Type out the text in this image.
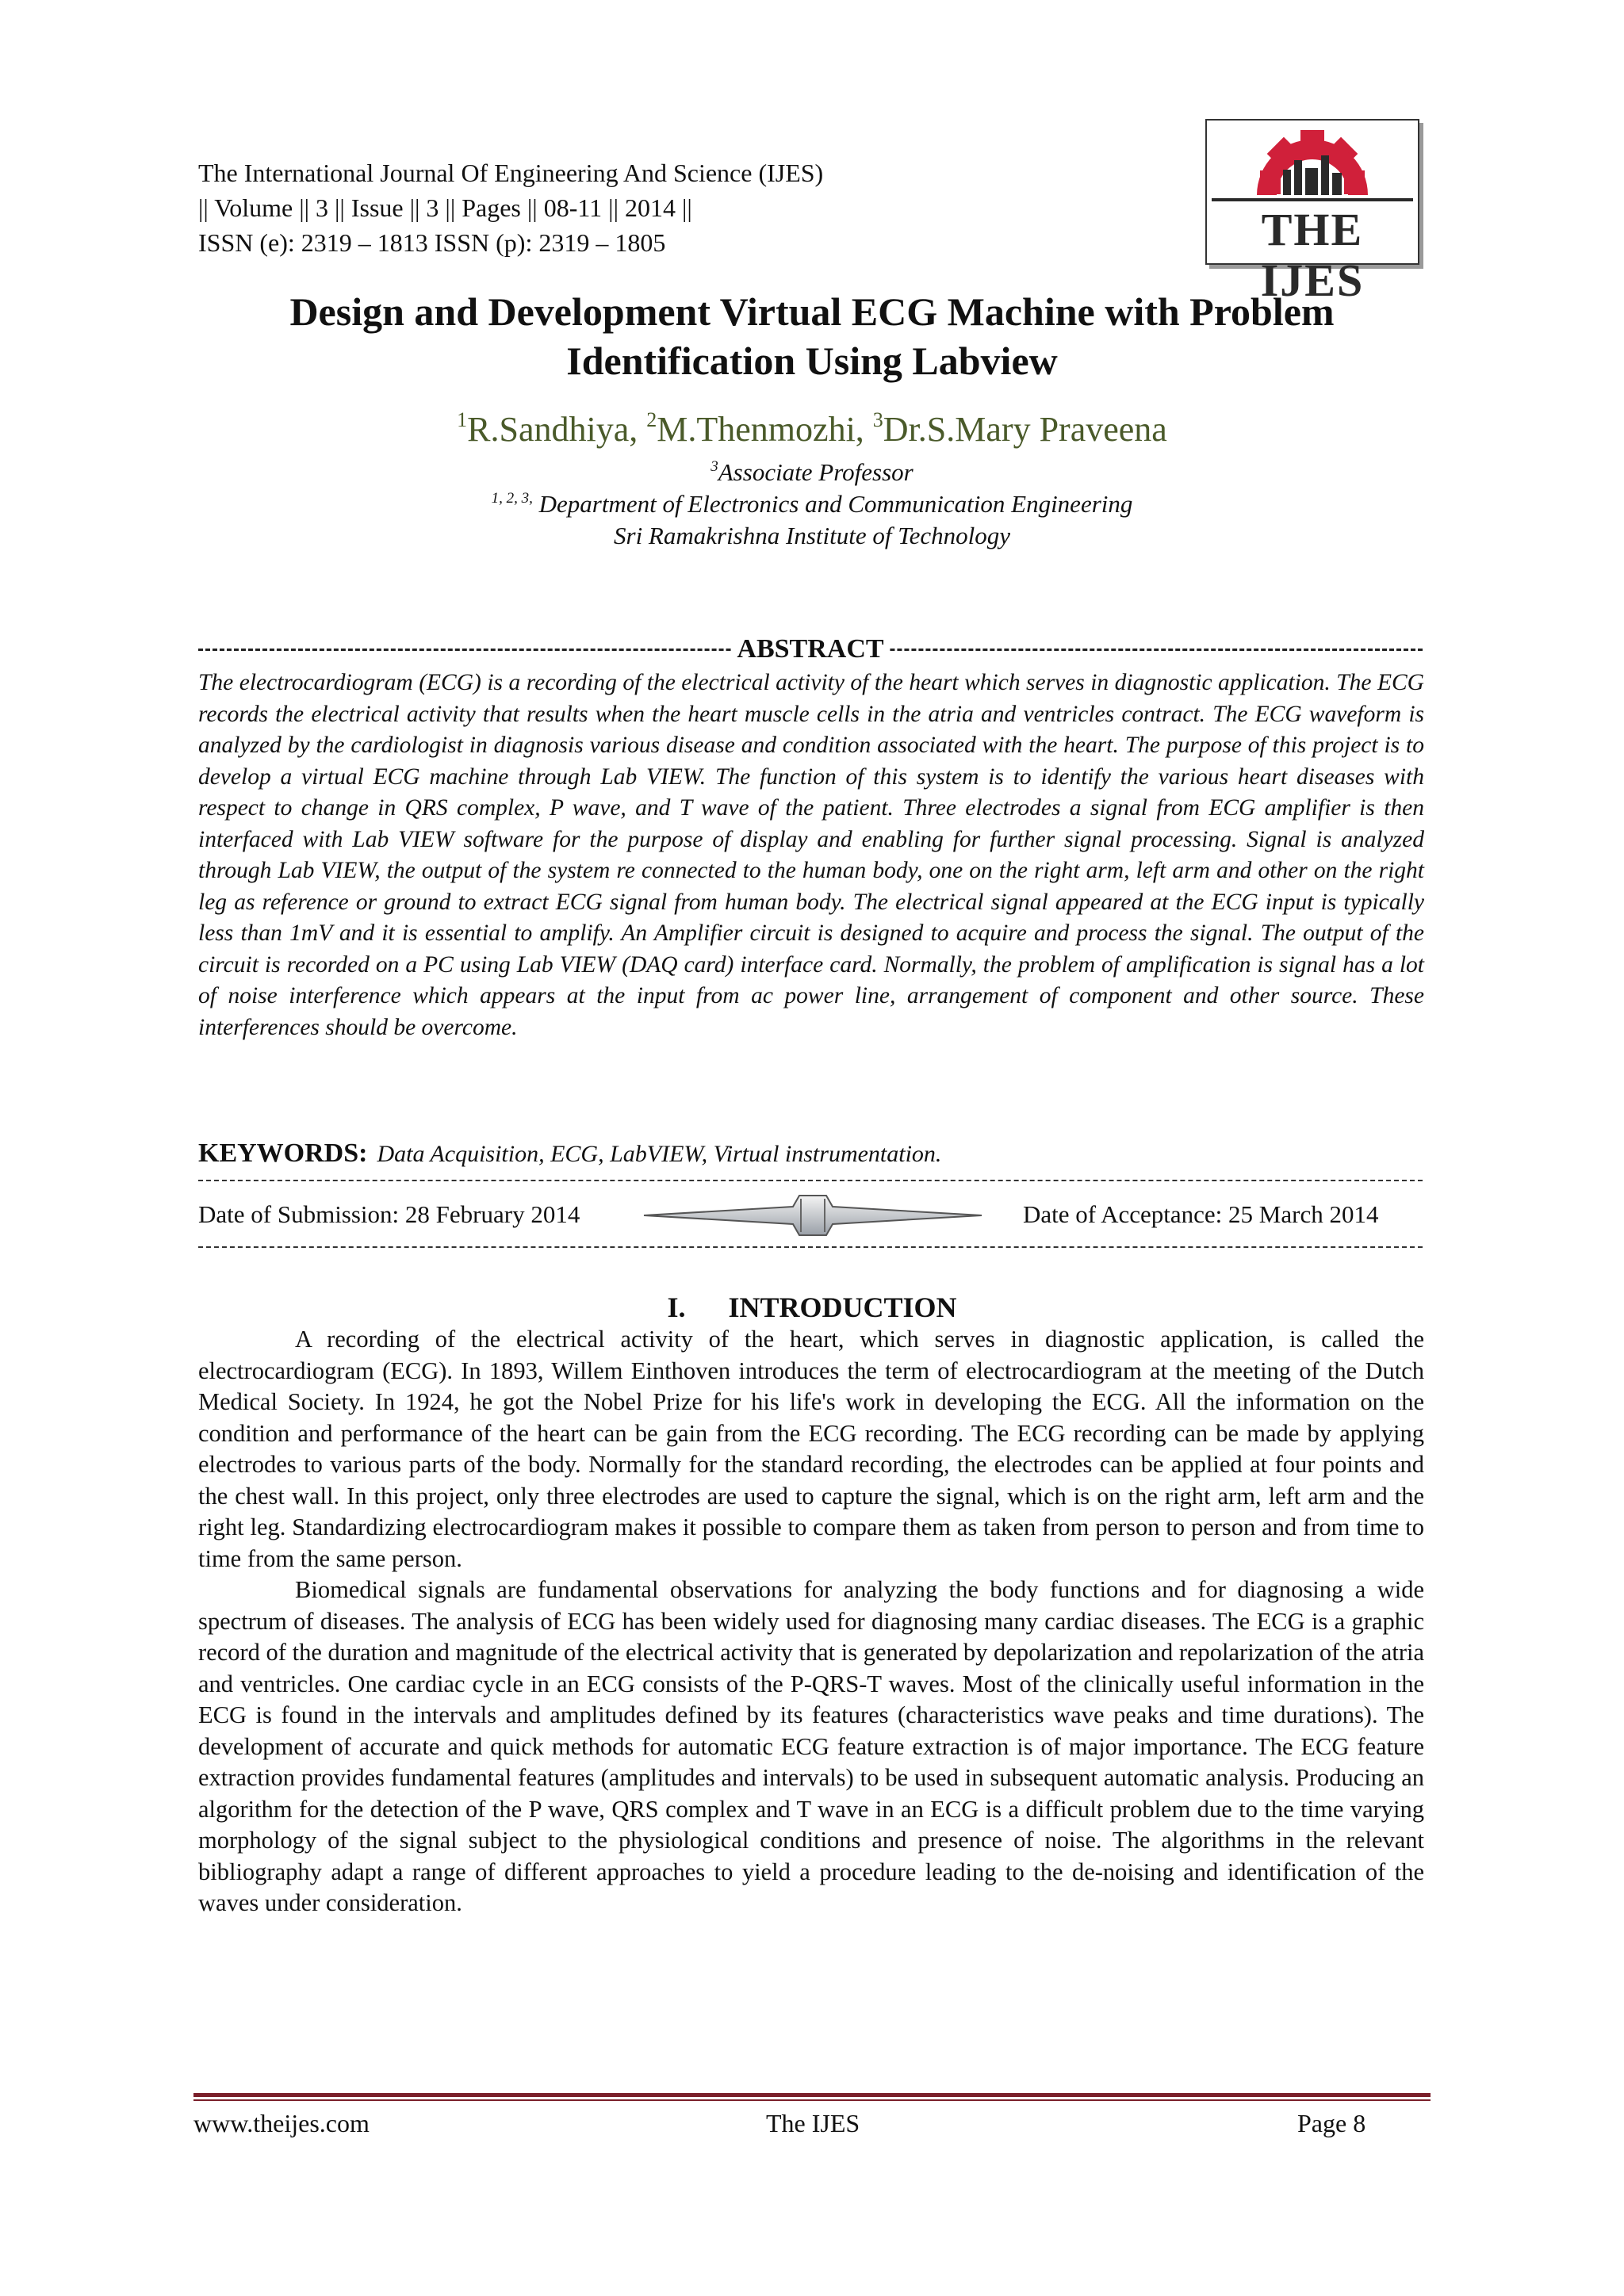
The International Journal Of Engineering And Science (IJES)
|| Volume || 3 || Issue || 3 || Pages || 08-11 || 2014 ||
ISSN (e): 2319 – 1813 ISSN (p): 2319 – 1805	THE IJES
Design and Development Virtual ECG Machine with Problem
Identification Using Labview
$^1$R.Sandhiya, $^2$M.Thenmozhi, $^3$Dr.S.Mary Praveena
$^3$Associate Professor
$^{1, 2, 3,}$ Department of Electronics and Communication Engineering
Sri Ramakrishna Institute of Technology
ABSTRACT

The electrocardiogram (ECG) is a recording of the electrical activity of the heart which serves in diagnostic application. The ECG records the electrical activity that results when the heart muscle cells in the atria and ventricles contract. The ECG waveform is analyzed by the cardiologist in diagnosis various disease and condition associated with the heart. The purpose of this project is to develop a virtual ECG machine through Lab VIEW. The function of this system is to identify the various heart diseases with respect to change in QRS complex, P wave, and T wave of the patient. Three electrodes a signal from ECG amplifier is then interfaced with Lab VIEW software for the purpose of display and enabling for further signal processing. Signal is analyzed through Lab VIEW, the output of the system re connected to the human body, one on the right arm, left arm and other on the right leg as reference or ground to extract ECG signal from human body. The electrical signal appeared at the ECG input is typically less than 1mV and it is essential to amplify. An Amplifier circuit is designed to acquire and process the signal. The output of the circuit is recorded on a PC using Lab VIEW (DAQ card) interface card. Normally, the problem of amplification is signal has a lot of noise interference which appears at the input from ac power line, arrangement of component and other source. These interferences should be overcome.

KEYWORDS: Data Acquisition, ECG, LabVIEW, Virtual instrumentation.
Date of Submission: 28 February 2014	Date of Acceptance: 25 March 2014
I. INTRODUCTION

A recording of the electrical activity of the heart, which serves in diagnostic application, is called the electrocardiogram (ECG). In 1893, Willem Einthoven introduces the term of electrocardiogram at the meeting of the Dutch Medical Society. In 1924, he got the Nobel Prize for his life's work in developing the ECG. All the information on the condition and performance of the heart can be gain from the ECG recording. The ECG recording can be made by applying electrodes to various parts of the body. Normally for the standard recording, the electrodes can be applied at four points and the chest wall. In this project, only three electrodes are used to capture the signal, which is on the right arm, left arm and the right leg. Standardizing electrocardiogram makes it possible to compare them as taken from person to person and from time to time from the same person.

Biomedical signals are fundamental observations for analyzing the body functions and for diagnosing a wide spectrum of diseases. The analysis of ECG has been widely used for diagnosing many cardiac diseases. The ECG is a graphic record of the duration and magnitude of the electrical activity that is generated by depolarization and repolarization of the atria and ventricles. One cardiac cycle in an ECG consists of the P-QRS-T waves. Most of the clinically useful information in the ECG is found in the intervals and amplitudes defined by its features (characteristics wave peaks and time durations). The development of accurate and quick methods for automatic ECG feature extraction is of major importance. The ECG feature extraction provides fundamental features (amplitudes and intervals) to be used in subsequent automatic analysis. Producing an algorithm for the detection of the P wave, QRS complex and T wave in an ECG is a difficult problem due to the time varying morphology of the signal subject to the physiological conditions and presence of noise. The algorithms in the relevant bibliography adapt a range of different approaches to yield a procedure leading to the de-noising and identification of the waves under consideration.

www.theijes.com	The IJES	Page 8
